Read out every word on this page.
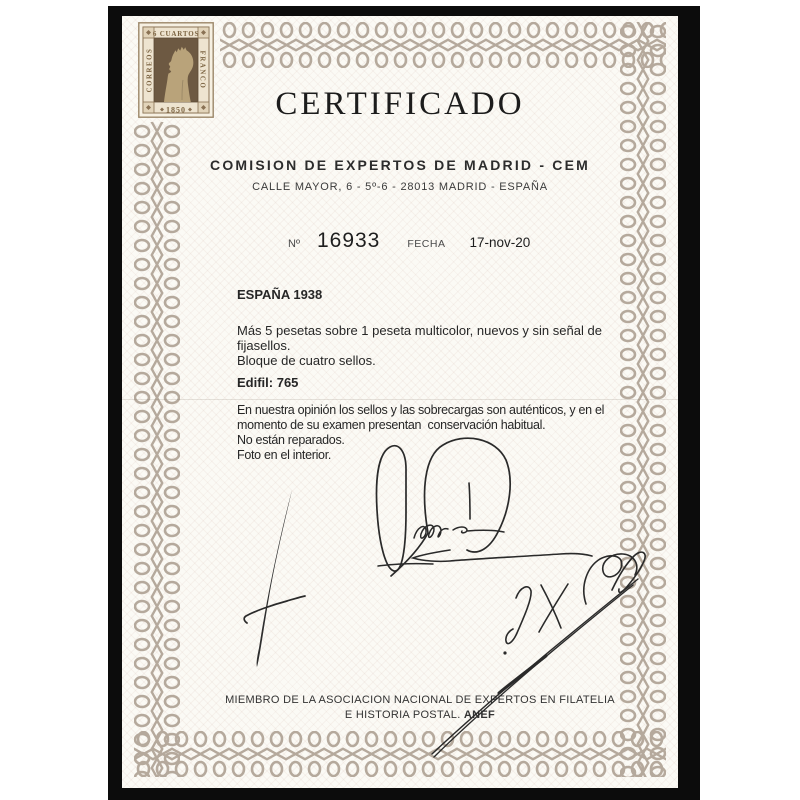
6 CUARTOS
CORREOS	FRANCO
1850	CERTIFICADO
COMISION DE EXPERTOS DE MADRID - CEM
CALLE MAYOR, 6 - 5º-6 - 28013 MADRID - ESPAÑA
Nº 16933	FECHA 17-nov-20
ESPAÑA 1938
Más 5 pesetas sobre 1 peseta multicolor, nuevos y sin señal de
fijasellos.
Bloque de cuatro sellos.
Edifil: 765
En nuestra opinión los sellos y las sobrecargas son auténticos, y en el
momento de su examen presentan  conservación habitual.
No están reparados.
Foto en el interior.
MIEMBRO DE LA ASOCIACION NACIONAL DE EXPERTOS EN FILATELIA
E HISTORIA POSTAL. ANEF
